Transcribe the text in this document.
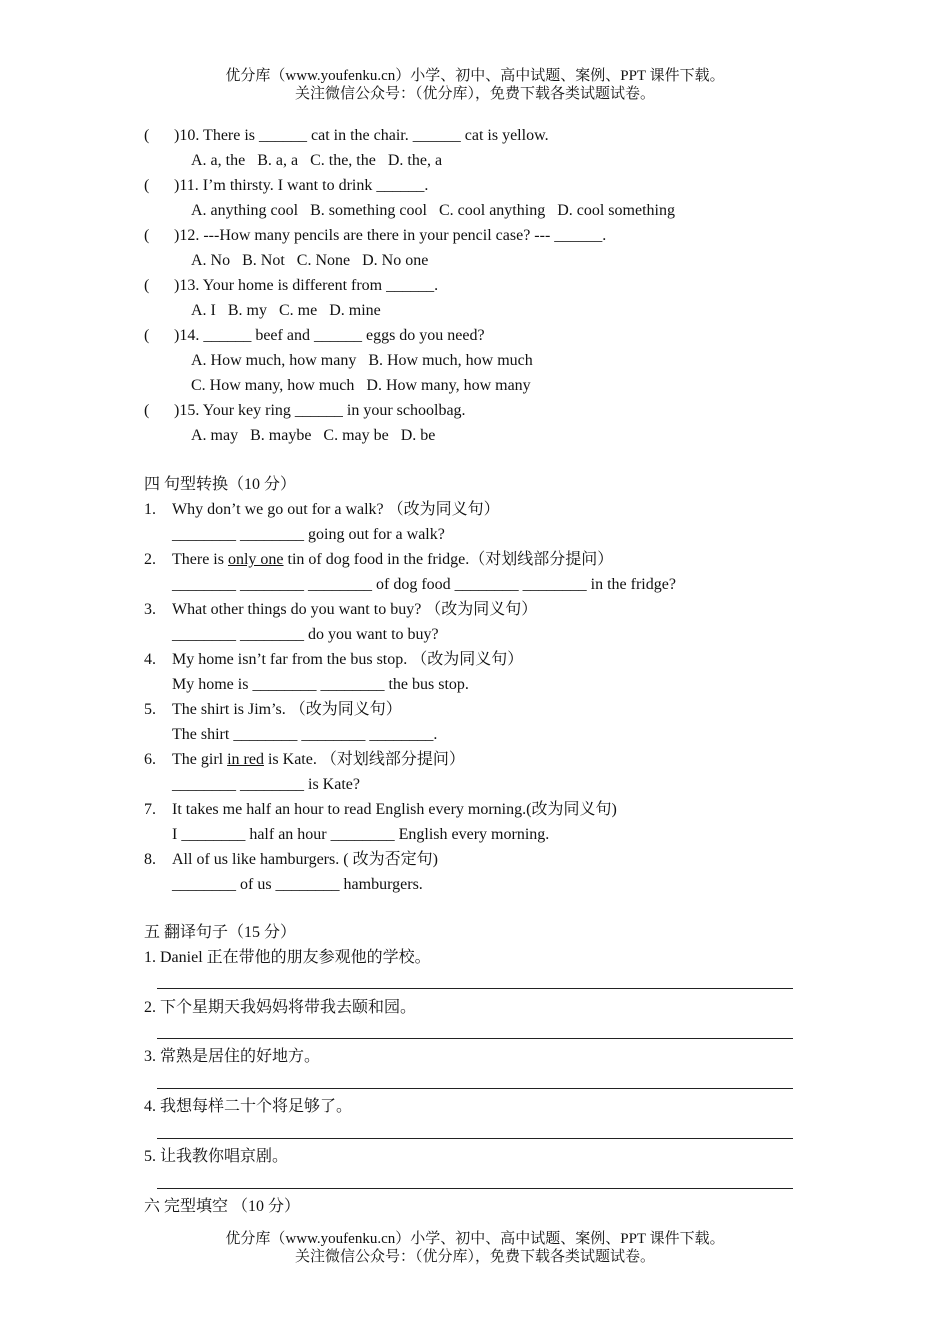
优分库（www.youfenku.cn）小学、初中、高中试题、案例、PPT 课件下载。
关注微信公众号：（优分库），免费下载各类试题试卷。
( )10. There is ______ cat in the chair. ______ cat is yellow.
A. a, the   B. a, a   C. the, the   D. the, a
( )11. I’m thirsty. I want to drink ______.
A. anything cool   B. something cool   C. cool anything   D. cool something
( )12. ---How many pencils are there in your pencil case? --- ______.
A. No   B. Not   C. None   D. No one
( )13. Your home is different from ______.
A. I   B. my   C. me   D. mine
( )14. ______ beef and ______ eggs do you need?
A. How much, how many   B. How much, how much
C. How many, how much   D. How many, how many
( )15. Your key ring ______ in your schoolbag.
A. may   B. maybe   C. may be   D. be
四 句型转换（10 分）
1. Why don’t we go out for a walk? （改为同义句）
________ ________ going out for a walk?
2. There is only one tin of dog food in the fridge.（对划线部分提问）
________ ________ ________ of dog food ________ ________ in the fridge?
3. What other things do you want to buy? （改为同义句）
________ ________ do you want to buy?
4. My home isn’t far from the bus stop. （改为同义句）
My home is ________ ________ the bus stop.
5. The shirt is Jim’s. （改为同义句）
The shirt ________ ________ ________.
6. The girl in red is Kate. （对划线部分提问）
________ ________ is Kate?
7. It takes me half an hour to read English every morning.(改为同义句)
I ________ half an hour ________ English every morning.
8. All of us like hamburgers. ( 改为否定句)
________ of us ________ hamburgers.
五 翻译句子（15 分）
1. Daniel 正在带他的朋友参观他的学校。
2. 下个星期天我妈妈将带我去颐和园。
3. 常熟是居住的好地方。
4. 我想每样二十个将足够了。
5. 让我教你唱京剧。
六 完型填空 （10 分）
优分库（www.youfenku.cn）小学、初中、高中试题、案例、PPT 课件下载。
关注微信公众号：（优分库），免费下载各类试题试卷。
